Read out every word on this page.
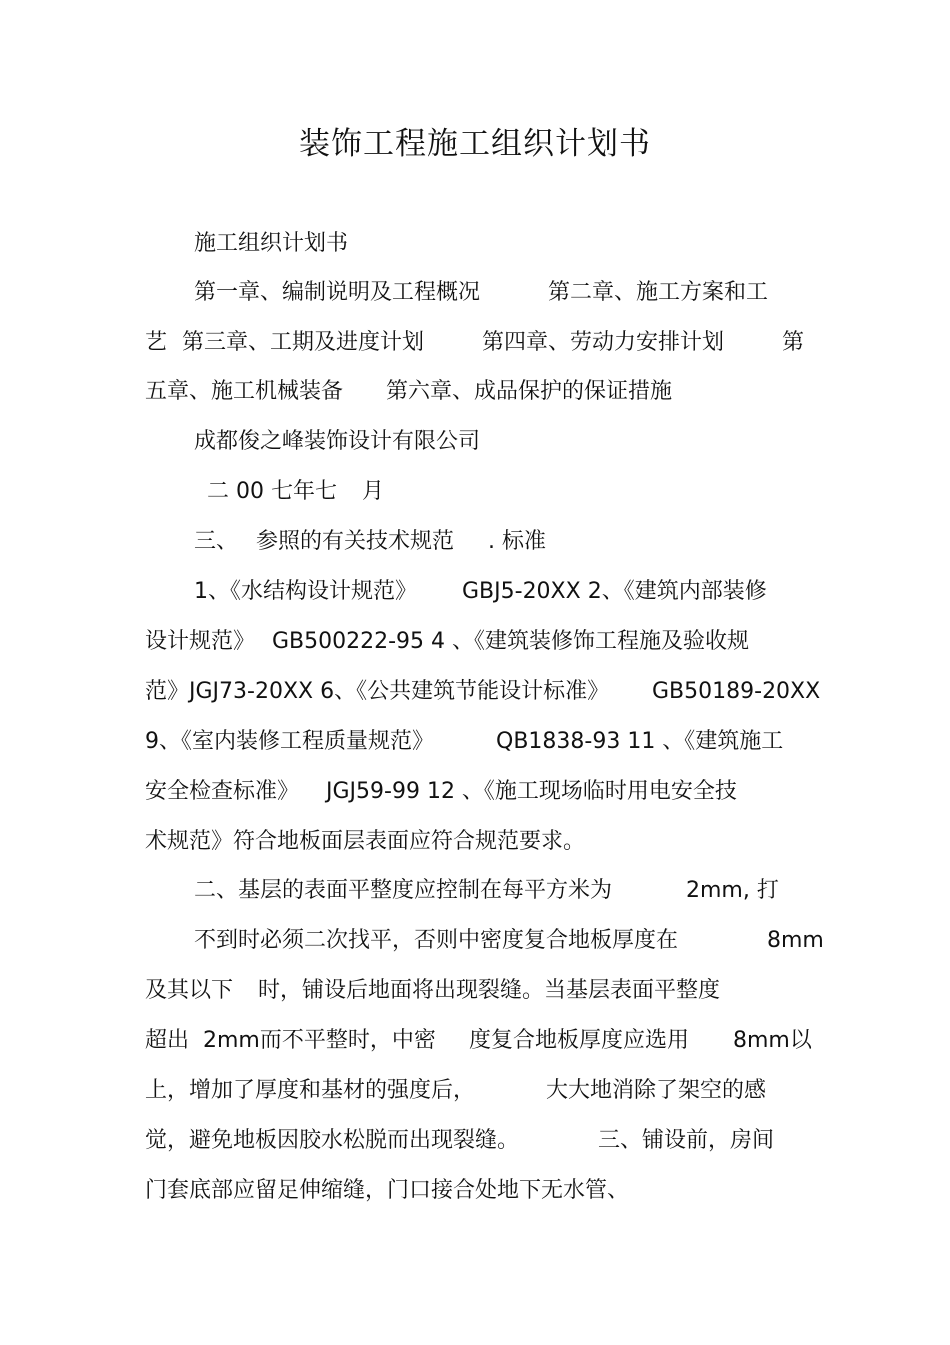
装饰工程施工组织计划书
施工组织计划书
第一章、编制说明及工程概况	第二章、施工方案和工
艺 第三章、工期及进度计划	第四章、劳动力安排计划	第
五章、施工机械装备 第六章、成品保护的保证措施
成都俊之峰装饰设计有限公司
二 00 七年七 月
三、 参照的有关技术规范 . 标准
1、《水结构设计规范》 GBJ5-20XX 2、《建筑内部装修
设计规范》 GB500222-95 4 、《建筑装修饰工程施及验收规
范》JGJ73-20XX 6、《公共建筑节能设计标准》 GB50189-20XX
9、《室内装修工程质量规范》	QB1838-93 11 、《建筑施工
安全检查标准》 JGJ59-99 12 、《施工现场临时用电安全技
术规范》符合地板面层表面应符合规范要求。
二、基层的表面平整度应控制在每平方米为	2mm, 打
不到时必须二次找平，否则中密度复合地板厚度在	8mm
及其以下 时，铺设后地面将出现裂缝。当基层表面平整度
超出 2mm而不平整时，中密 度复合地板厚度应选用 8mm以
上，增加了厚度和基材的强度后，	大大地消除了架空的感
觉，避免地板因胶水松脱而出现裂缝。	三、铺设前，房间
门套底部应留足伸缩缝，门口接合处地下无水管、
